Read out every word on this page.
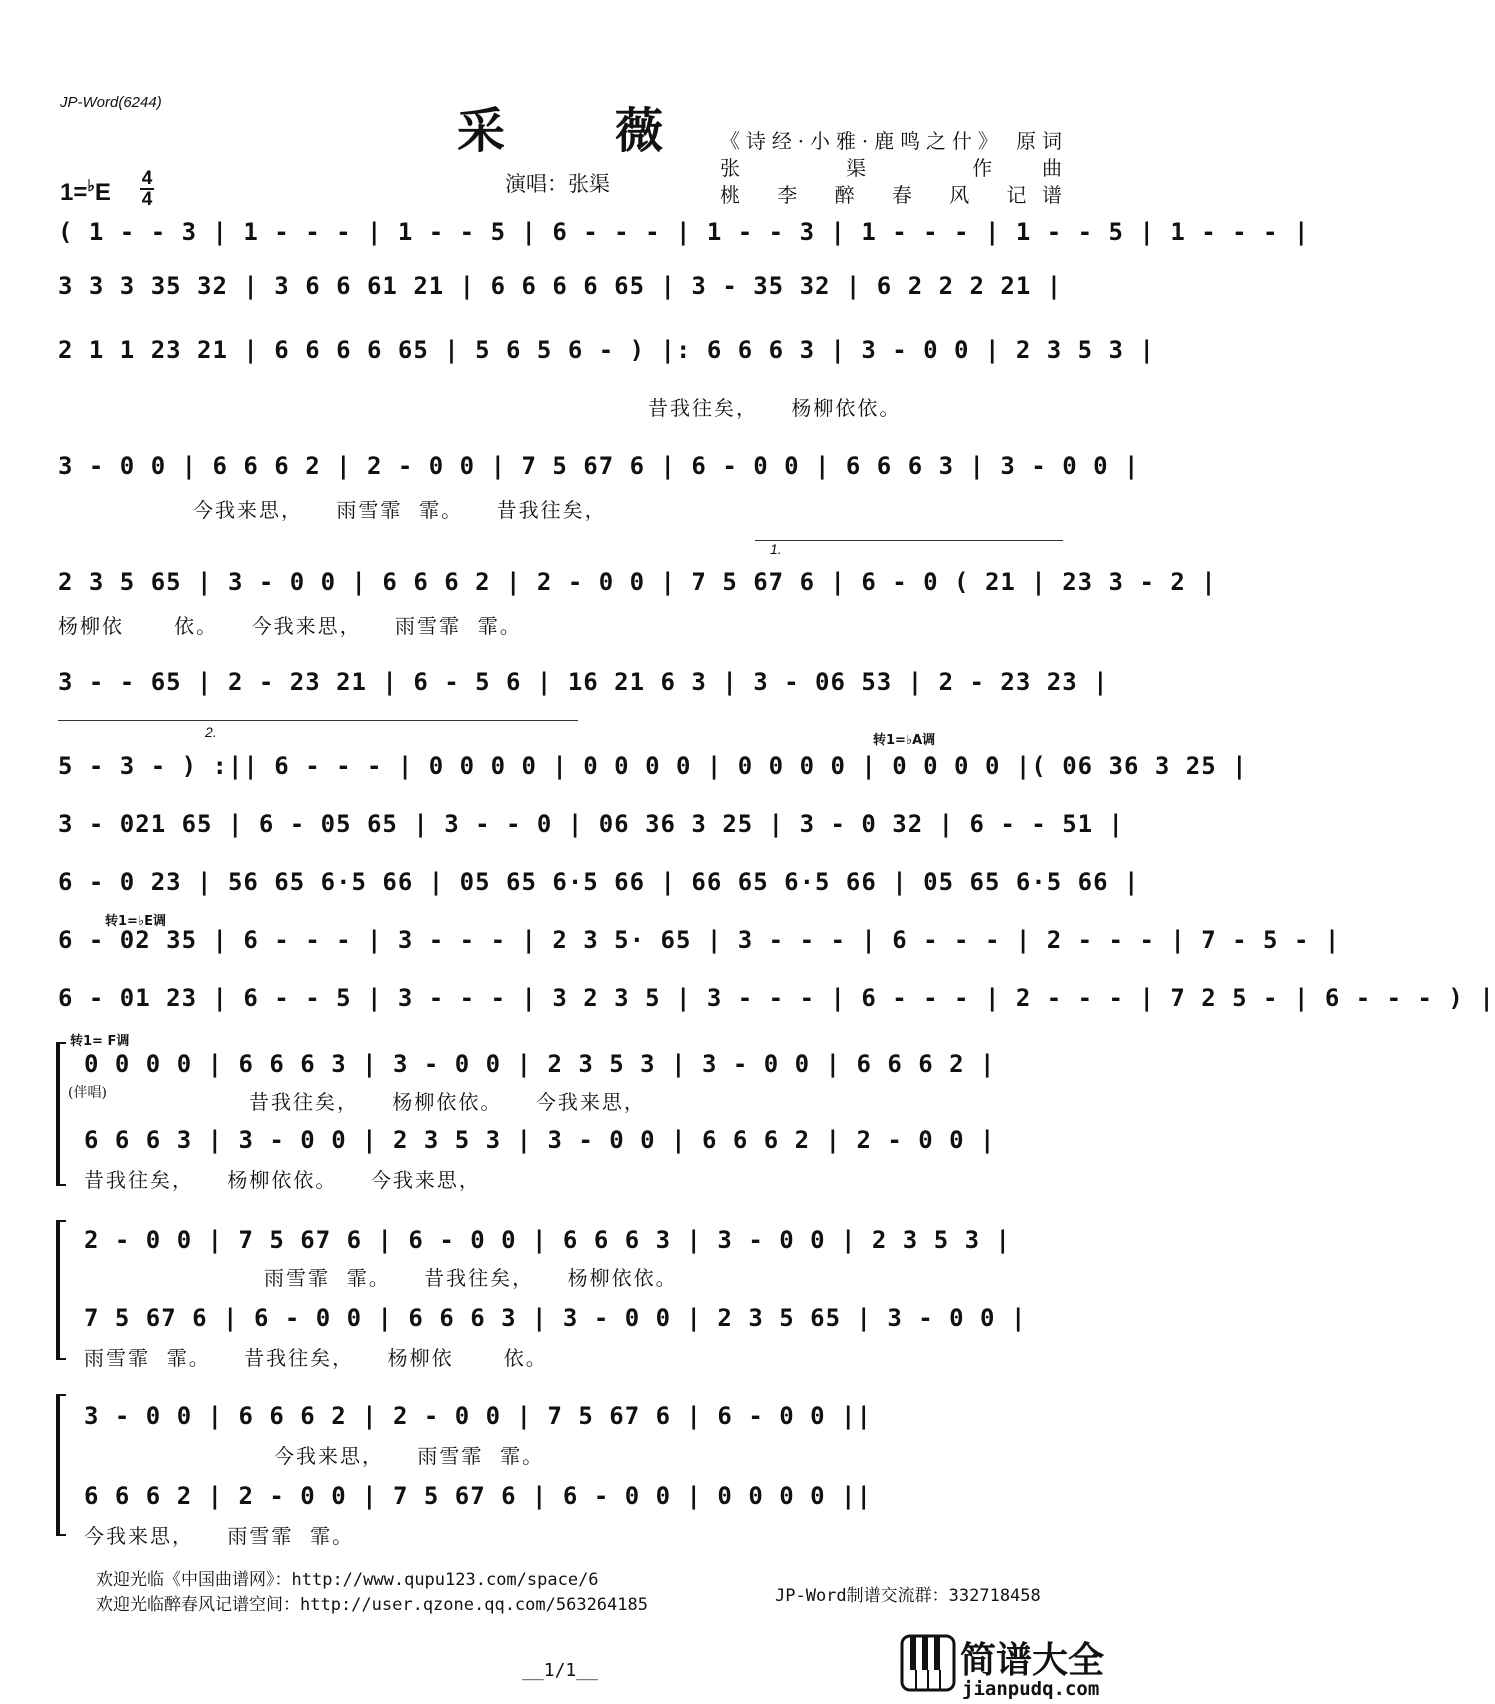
JP-Word(6244)
采薇
《诗经·小雅·鹿鸣之什》 原词
张 渠 作曲
桃 李 醉 春 风 记谱
1=♭E
4
4
演唱：张渠
( 1 - - 3 | 1 - - - | 1 - - 5 | 6 - - - | 1 - - 3 | 1 - - - | 1 - - 5 | 1 - - - |
3 3 3 35 32 | 3 6 6 61 21 | 6 6 6 6 65 | 3 - 35 32 | 6 2 2 2 21 |
2 1 1 23 21 | 6 6 6 6 65 | 5 6 5 6 - ) |: 6 6 6 3 | 3 - 0 0 | 2 3 5 3 |
昔我往矣，    杨柳依依。
3 - 0 0 | 6 6 6 2 | 2 - 0 0 | 7 5 67 6 | 6 - 0 0 | 6 6 6 3 | 3 - 0 0 |
今我来思，    雨雪霏  霏。    昔我往矣，
1.
2 3 5 65 | 3 - 0 0 | 6 6 6 2 | 2 - 0 0 | 7 5 67 6 | 6 - 0 ( 21 | 23 3 - 2 |
杨柳依      依。    今我来思，    雨雪霏  霏。
3 - - 65 | 2 - 23 21 | 6 - 5 6 | 16 21 6 3 | 3 - 06 53 | 2 - 23 23 |
2.
转1=♭A调
5 - 3 - ) :|| 6 - - - | 0 0 0 0 | 0 0 0 0 | 0 0 0 0 | 0 0 0 0 |( 06 36 3 25 |
3 - 021 65 | 6 - 05 65 | 3 - - 0 | 06 36 3 25 | 3 - 0 32 | 6 - - 51 |
6 - 0 23 | 56 65 6·5 66 | 05 65 6·5 66 | 66 65 6·5 66 | 05 65 6·5 66 |
转1=♭E调
6 - 02 35 | 6 - - - | 3 - - - | 2 3 5· 65 | 3 - - - | 6 - - - | 2 - - - | 7 - 5 - |
6 - 01 23 | 6 - - 5 | 3 - - - | 3 2 3 5 | 3 - - - | 6 - - - | 2 - - - | 7 2 5 - | 6 - - - ) |
转1= F调
0 0 0 0 | 6 6 6 3 | 3 - 0 0 | 2 3 5 3 | 3 - 0 0 | 6 6 6 2 |
(伴唱)	昔我往矣，    杨柳依依。    今我来思，
6 6 6 3 | 3 - 0 0 | 2 3 5 3 | 3 - 0 0 | 6 6 6 2 | 2 - 0 0 |
昔我往矣，    杨柳依依。    今我来思，
2 - 0 0 | 7 5 67 6 | 6 - 0 0 | 6 6 6 3 | 3 - 0 0 | 2 3 5 3 |
雨雪霏  霏。    昔我往矣，    杨柳依依。
7 5 67 6 | 6 - 0 0 | 6 6 6 3 | 3 - 0 0 | 2 3 5 65 | 3 - 0 0 |
雨雪霏  霏。    昔我往矣，    杨柳依      依。
3 - 0 0 | 6 6 6 2 | 2 - 0 0 | 7 5 67 6 | 6 - 0 0 ||
今我来思，    雨雪霏  霏。
6 6 6 2 | 2 - 0 0 | 7 5 67 6 | 6 - 0 0 | 0 0 0 0 ||
今我来思，    雨雪霏  霏。
欢迎光临《中国曲谱网》：http://www.qupu123.com/space/6
欢迎光临醉春风记谱空间：http://user.qzone.qq.com/563264185	JP-Word制谱交流群：332718458
__1/1__	简谱大全
jianpudq.com
